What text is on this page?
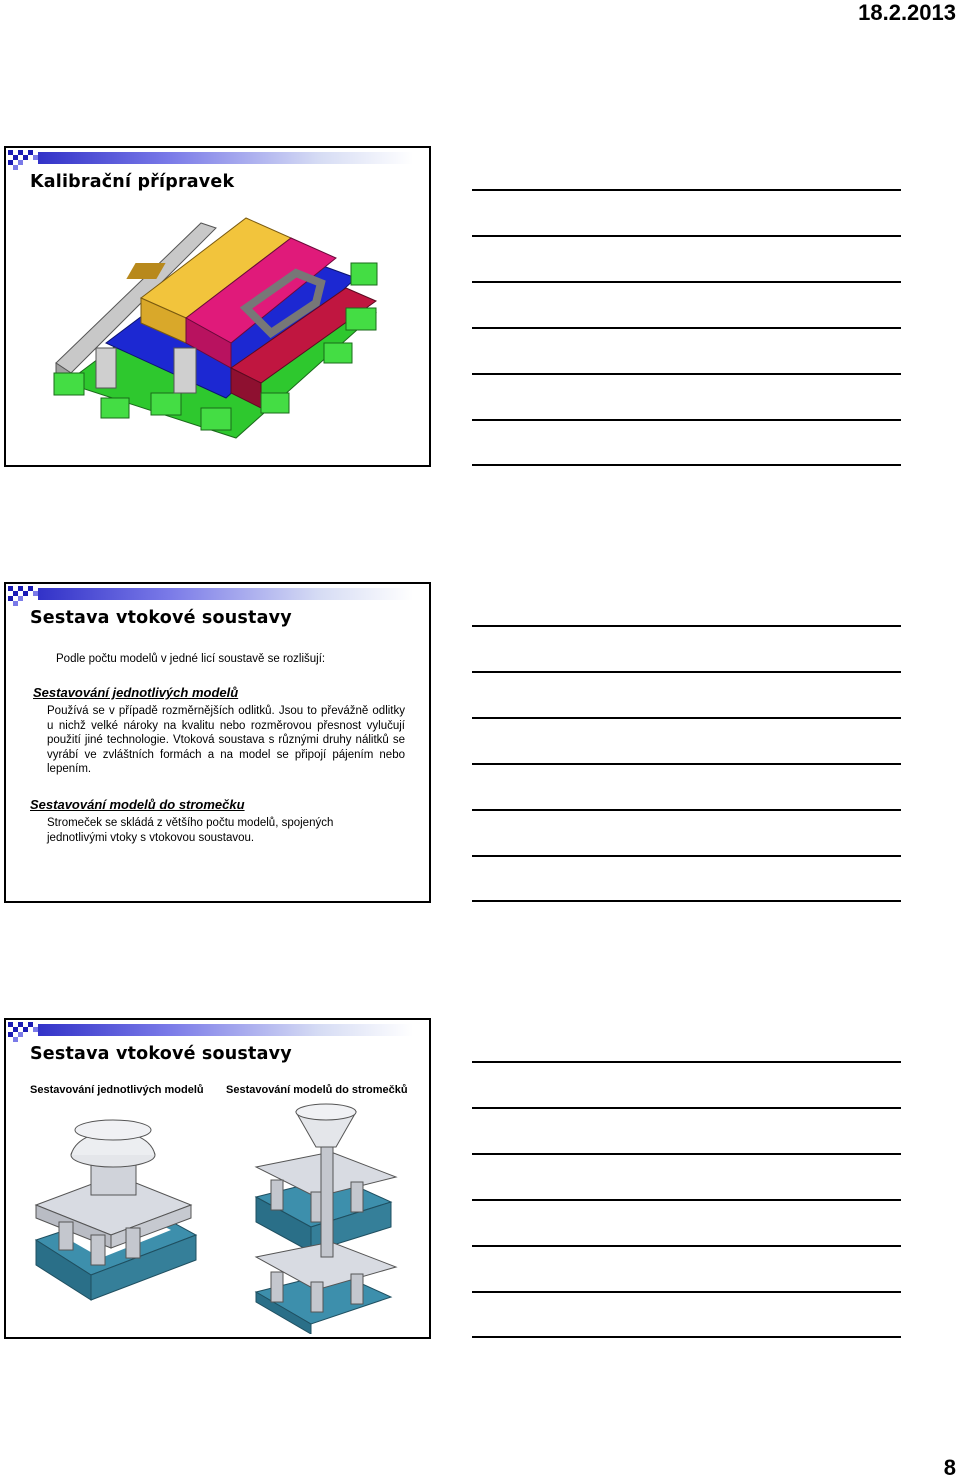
18.2.2013
Kalibrační přípravek
Sestava vtokové soustavy
Podle počtu modelů v jedné licí soustavě se rozlišují:
Sestavování jednotlivých modelů
Používá se v případě rozměrnějších odlitků. Jsou to převážně odlitky u nichž velké nároky na kvalitu nebo rozměrovou přesnost vylučují použití jiné technologie. Vtoková soustava s různými druhy nálitků se vyrábí ve zvláštních formách a na model se připojí pájením nebo lepením.
Sestavování modelů do stromečku
Stromeček se skládá z většího počtu modelů, spojených jednotlivými vtoky s vtokovou soustavou.
Sestava vtokové soustavy
Sestavování jednotlivých modelů Sestavování modelů do stromečků
8
